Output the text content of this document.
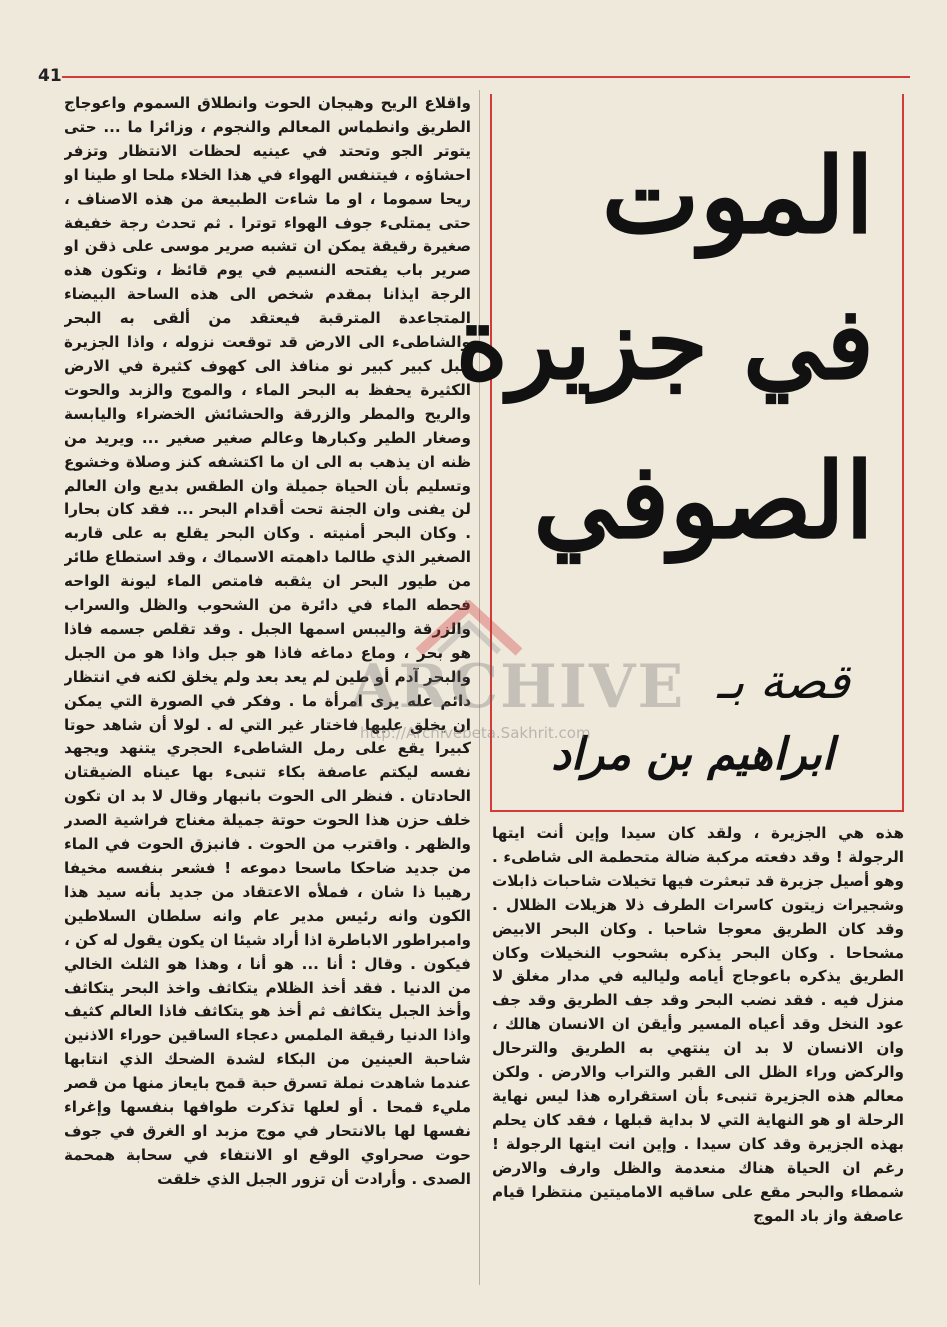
41

واقلاع الريح وهيجان الحوت وانطلاق السموم واعوجاج الطريق وانطماس المعالم والنجوم ، وزائرا ما ... حتى يتوتر الجو وتحتد في عينيه لحظات الانتظار وتزفر احشاؤه ، فيتنفس الهواء في هذا الخلاء ملحا او طينا او ريحا سموما ، او ما شاءت الطبيعة من هذه الاصناف ، حتى يمتلىء جوف الهواء توترا . ثم تحدث رجة خفيفة صغيرة رقيقة يمكن ان تشبه صرير موسى على ذقن او صرير باب يفتحه النسيم في يوم قائظ ، وتكون هذه الرجة ايذانا بمقدم شخص الى هذه الساحة البيضاء المتجاعدة المترقبة فيعتقد من ألقى به البحر والشاطىء الى الارض قد توقعت نزوله ، واذا الجزيرة جبل كبير كبير نو منافذ الى كهوف كثيرة في الارض الكثيرة يحفظ به البحر الماء ، والموج والزبد والحوت والريح والمطر والزرقة والحشائش الخضراء واليابسة وصغار الطير وكبارها وعالم صغير صغير ... ويريد من ظنه ان يذهب به الى ان ما اكتشفه كنز وصلاة وخشوع وتسليم بأن الحياة جميلة وان الطقس بديع وان العالم لن يفنى وان الجنة تحت أقدام البحر ... فقد كان بحارا . وكان البحر أمنيته . وكان البحر يقلع به على قاربه الصغير الذي طالما داهمته الاسماك ، وقد استطاع طائر من طيور البحر ان يثقبه فامتص الماء ليونة الواحه فحطه الماء في دائرة من الشحوب والظل والسراب والزرقة واليبس اسمها الجبل . وقد تقلص جسمه فاذا هو بحر ، وماع دماغه فاذا هو جبل واذا هو من الجبل والبحر آدم أو طين لم يعد بعد ولم يخلق لكنه في انتظار دائم عله يرى امرأة ما . وفكر في الصورة التي يمكن ان يخلق عليها فاختار غير التي له . لولا أن شاهد حوتا كبيرا يقع على رمل الشاطىء الحجري يتنهد ويجهد نفسه ليكتم عاصفة بكاء تنبىء بها عيناه الضيقتان الحادتان . فنظر الى الحوت بانبهار وقال لا بد ان تكون خلف حزن هذا الحوت حوتة جميلة مغناج فراشية الصدر والظهر . واقترب من الحوت . فانبزق الحوت في الماء من جديد ضاحكا ماسحا دموعه ! فشعر بنفسه مخيفا رهيبا ذا شان ، فملأه الاعتقاد من جديد بأنه سيد هذا الكون وانه رئيس مدير عام وانه سلطان السلاطين وامبراطور الاباطرة اذا أراد شيئا ان يكون يقول له كن ، فيكون . وقال : أنا ... هو أنا ، وهذا هو الثلث الخالي من الدنيا . فقد أخذ الظلام يتكاثف واخذ البحر يتكاثف وأخذ الجبل يتكاثف ثم أخذ هو يتكاثف فاذا العالم كثيف واذا الدنيا رقيقة الملمس دعجاء الساقين حوراء الاذنين شاحبة العينين من البكاء لشدة الضحك الذي انتابها عندما شاهدت نملة تسرق حبة قمح بايعاز منها من قصر مليء قمحا . أو لعلها تذكرت طوافها بنفسها وإغراء نفسها لها بالانتحار في موج مزبد او الغرق في جوف حوت صحراوي الوقع او الانتفاء في سحابة همحمة الصدى . وأرادت أن تزور الجبل الذي خلقت

الموت
في جزيرة
الصوفي
قصة بـ
ابراهيم بن مراد

هذه هي الجزيرة ، ولقد كان سيدا وإين أنت ايتها الرجولة ! وقد دفعته مركبة ضالة متحطمة الى شاطىء . وهو أصيل جزيرة قد تبعثرت فيها تخيلات شاحبات ذابلات وشجيرات زيتون كاسرات الطرف ذلا هزيلات الظلال . وقد كان الطريق معوجا شاحبا . وكان البحر الابيض مشحاحا . وكان البحر يذكره بشحوب النخيلات وكان الطريق يذكره باعوجاج أيامه ولياليه في مدار مغلق لا منزل فيه . فقد نضب البحر وقد جف الطريق وقد جف عود النخل وقد أعياه المسير وأيقن ان الانسان هالك ، وان الانسان لا بد ان ينتهي به الطريق والترحال والركض وراء الظل الى القبر والتراب والارض . ولكن معالم هذه الجزيرة تنبىء بأن استقراره هذا ليس نهاية الرحلة او هو النهاية التي لا بداية قبلها ، فقد كان يحلم بهذه الجزيرة وقد كان سيدا . وإين انت ايتها الرجولة ! رغم ان الحياة هناك منعدمة والظل وارف والارض شمطاء والبحر مقع على ساقيه الاماميتين منتظرا قيام عاصفة واز باد الموج

ARCHIVE
http://Archivebeta.Sakhrit.com
